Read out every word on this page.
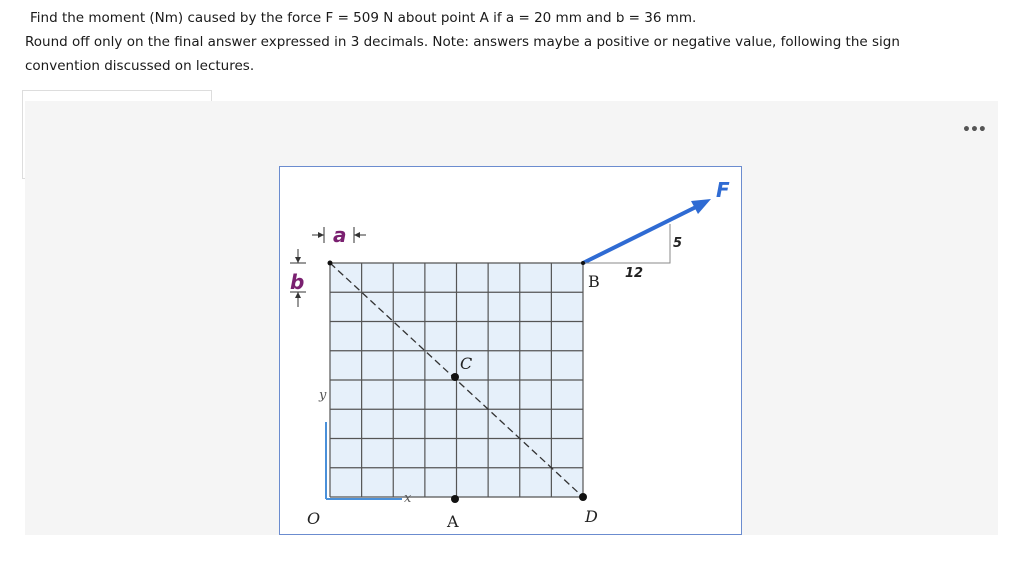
Find the moment (Nm) caused by the force F = 509 N about point A if a = 20 mm and b = 36 mm.
Round off only on the final answer expressed in 3 decimals. Note: answers maybe a positive or negative value, following the sign
convention discussed on lectures.
•••
F
5
12
a
b	B
C
D
A
O
x
y
